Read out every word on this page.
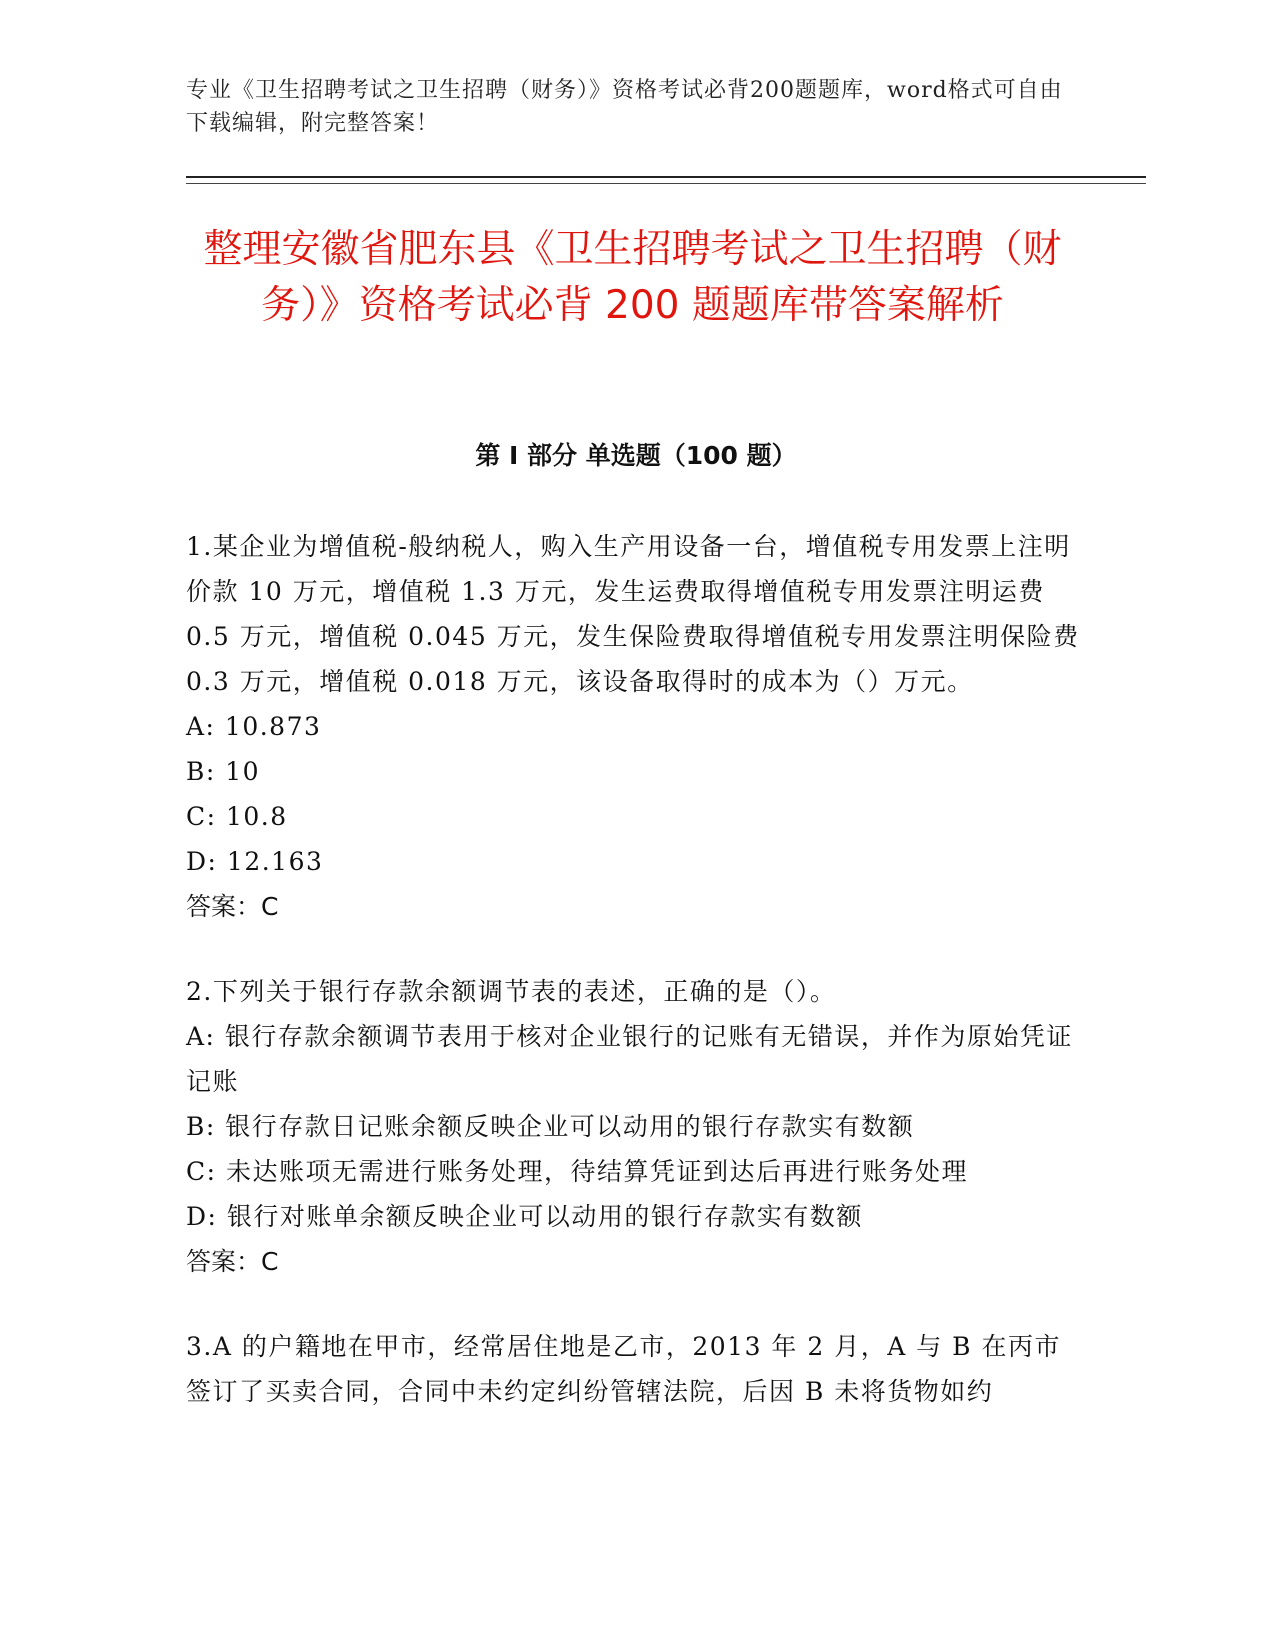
专业《卫生招聘考试之卫生招聘（财务）》资格考试必背200题题库，word格式可自由下载编辑，附完整答案！
整理安徽省肥东县《卫生招聘考试之卫生招聘（财务）》资格考试必背 200 题题库带答案解析
第 I 部分 单选题（100 题）

1.某企业为增值税-般纳税人，购入生产用设备一台，增值税专用发票上注明价款 10 万元，增值税 1.3 万元，发生运费取得增值税专用发票注明运费 0.5 万元，增值税 0.045 万元，发生保险费取得增值税专用发票注明保险费 0.3 万元，增值税 0.018 万元，该设备取得时的成本为（）万元。

A: 10.873

B: 10

C: 10.8

D: 12.163

答案：C

2.下列关于银行存款余额调节表的表述，正确的是（）。

A: 银行存款余额调节表用于核对企业银行的记账有无错误，并作为原始凭证记账

B: 银行存款日记账余额反映企业可以动用的银行存款实有数额

C: 未达账项无需进行账务处理，待结算凭证到达后再进行账务处理

D: 银行对账单余额反映企业可以动用的银行存款实有数额

答案：C

3.A 的户籍地在甲市，经常居住地是乙市，2013 年 2 月，A 与 B 在丙市签订了买卖合同，合同中未约定纠纷管辖法院，后因 B 未将货物如约
